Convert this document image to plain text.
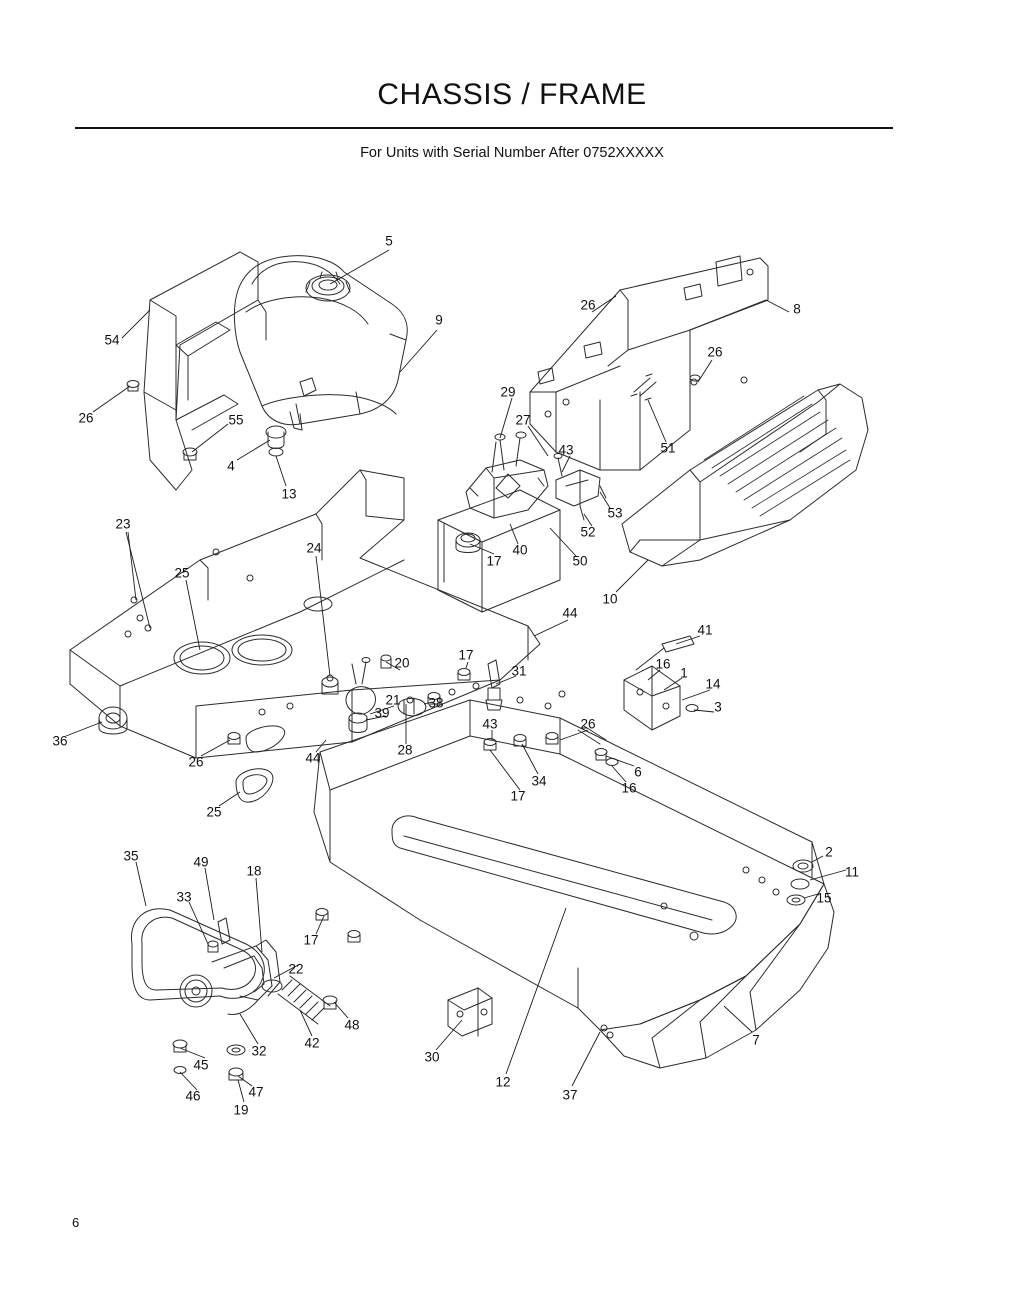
CHASSIS / FRAME
For Units with Serial Number After 0752XXXXX
5
9
54
26	55
4
13
26	8
26
29
27
43	51
53
52
10
17
40
50
23
25
24
44
41
16
1
14
3
20
17
31
21
39
38
43	26
36
26	44
28
34
17
6
16
25
2
11
15
35	49
18
33
17
22
48
42
32
45
47
46
19
30
12
37
7
6
